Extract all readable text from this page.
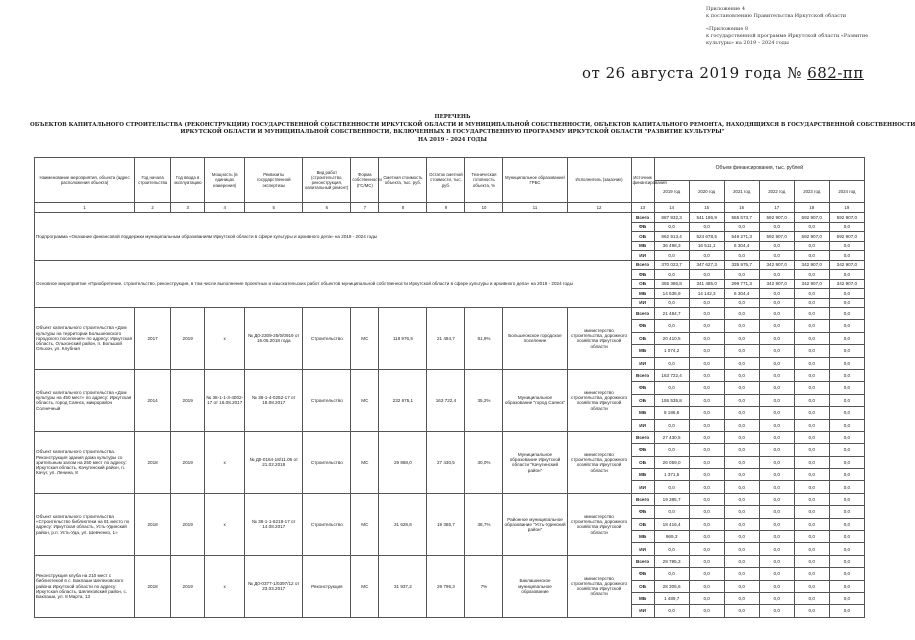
Приложение 4
к постановлению Правительства Иркутской области
«Приложение 8
к государственной программе Иркутской области «Развитие
культуры» на 2019 – 2024 годы
от 26 августа 2019 года № 682-пп
ПЕРЕЧЕНЬ
ОБЪЕКТОВ КАПИТАЛЬНОГО СТРОИТЕЛЬСТВА (РЕКОНСТРУКЦИИ) ГОСУДАРСТВЕННОЙ СОБСТВЕННОСТИ ИРКУТСКОЙ ОБЛАСТИ И МУНИЦИПАЛЬНОЙ СОБСТВЕННОСТИ, ОБЪЕКТОВ КАПИТАЛЬНОГО РЕМОНТА, НАХОДЯЩИХСЯ В ГОСУДАРСТВЕННОЙ СОБСТВЕННОСТИ
ИРКУТСКОЙ ОБЛАСТИ И МУНИЦИПАЛЬНОЙ СОБСТВЕННОСТИ, ВКЛЮЧЕННЫХ В ГОСУДАРСТВЕННУЮ ПРОГРАММУ ИРКУТСКОЙ ОБЛАСТИ "РАЗВИТИЕ КУЛЬТУРЫ"
НА 2019 - 2024 ГОДЫ
Наименование мероприятия, объекта (адрес расположения объекта)	Год начала строительства	Год ввода в эксплуатацию	Мощность (в единицах измерения)	Реквизиты государственной экспертизы	Вид работ (строительство, реконструкция, капитальный ремонт)	Форма собственности (ГС/МС)	Сметная стоимость объекта, тыс. руб.	Остаток сметной стоимости, тыс. руб.	Техническая готовность объекта, %	Муниципальное образование/ГРБС	Исполнитель (заказчик)	Источник финансирования	Объем финансирования, тыс. рублей					
													2019 год	2020 год	2021 год	2022 год	2023 год	2024 год
1	2	3	4	5	6	7	8	9	10	11	12	13	14	15	16	17	18	19
Подпрограмма «Оказание финансовой поддержки муниципальным образованиям Иркутской области в сфере культуры и архивного дела» на 2019 - 2024 годы												Всего	887 932,3	541 186,9	555 573,7	592 907,0	592 907,0	592 907,0
												ФБ	0,0	0,0	0,0	0,0	0,0	0,0
												ОБ	862 913,4	524 678,5	549 271,3	592 907,0	592 907,0	592 907,0
												МБ	36 498,3	16 511,1	6 304,4	0,0	0,0	0,0
												ИИ	0,0	0,0	0,0	0,0	0,0	0,0
Основное мероприятие «Приобретение, строительство, реконструкция, в том числе выполнение проектных и изыскательских работ объектов муниципальной собственности Иркутской области в сфере культуры и архивного дела» на 2019 - 2024 годы												Всего	370 023,7	347 627,3	335 975,7	342 907,0	342 907,0	342 907,0
												ФБ	0,0	0,0	0,0	0,0	0,0	0,0
												ОБ	355 386,8	341 485,0	299 771,3	342 907,0	342 907,0	342 907,0
												МБ	14 636,9	14 142,3	6 304,4	0,0	0,0	0,0
												ИИ	0,0	0,0	0,0	0,0	0,0	0,0
Объект капитального строительства «Дом культуры на территории Большеокского городского поселения» по адресу: Иркутская область, Ольхонский район, п. Большой Ольхон, ул. Клубная	2017	2019	х	№ Д0-2309-25/0/0919 от 16.05.2018 года	Строительство	МС	118 976,5	21 484,7	81,9%	Большеокское городское поселение	министерство строительства, дорожного хозяйства Иркутской области	Всего	21 484,7	0,0	0,0	0,0	0,0	0,0
												ФБ	0,0	0,0	0,0	0,0	0,0	0,0
												ОБ	20 410,5	0,0	0,0	0,0	0,0	0,0
												МБ	1 074,2	0,0	0,0	0,0	0,0	0,0
												ИИ	0,0	0,0	0,0	0,0	0,0	0,0
Объект капитального строительства «Дом культуры на 450 мест» по адресу: Иркутская область, город Саянск, микрорайон Солнечный	2014	2019	№ 38-1-1-3-4002-17 от 18.08.2017	№ 38-1-4-0252-17 от 18.08.2017	Строительство	МС	232 675,1	163 722,4	35,2%	Муниципальное образование "город Саянск"	министерство строительства, дорожного хозяйства Иркутской области	Всего	163 722,4	0,0	0,0	0,0	0,0	0,0
												ФБ	0,0	0,0	0,0	0,0	0,0	0,0
												ОБ	155 535,8	0,0	0,0	0,0	0,0	0,0
												МБ	8 186,6	0,0	0,0	0,0	0,0	0,0
												ИИ	0,0	0,0	0,0	0,0	0,0	0,0
Объект капитального строительства. Реконструкция здания дома культуры со зрительным залом на 250 мест по адресу: Иркутская область, Качугинский район, п. Качуг, ул. Ленина, 8	2018	2019	х	№ Д0-0164-18/11.06 от 21.02.2018	Строительство	МС	29 868,0	27 430,5	30,0%	Муниципальное образование Иркутской области "Качугинский район"	министерство строительства, дорожного хозяйства Иркутской области	Всего	27 430,5	0,0	0,0	0,0	0,0	0,0
												ФБ	0,0	0,0	0,0	0,0	0,0	0,0
												ОБ	26 059,0	0,0	0,0	0,0	0,0	0,0
												МБ	1 371,5	0,0	0,0	0,0	0,0	0,0
												ИИ	0,0	0,0	0,0	0,0	0,0	0,0
Объект капитального строительства «Строительство библиотеки на 81 место по адресу: Иркутская область, Усть-Удинский район, р.п. Усть-Уда, ул. Шевченко, 1»	2018	2019	х	№ 38-1-1-6218-17 от 14.08.2017	Строительство	МС	31 628,6	19 385,7	38,7%	Районное муниципальное образование "Усть-Удинский район"	министерство строительства, дорожного хозяйства Иркутской области	Всего	19 385,7	0,0	0,0	0,0	0,0	0,0
												ФБ	0,0	0,0	0,0	0,0	0,0	0,0
												ОБ	18 416,4	0,0	0,0	0,0	0,0	0,0
												МБ	969,3	0,0	0,0	0,0	0,0	0,0
												ИИ	0,0	0,0	0,0	0,0	0,0	0,0
Реконструкция клуба на 210 мест с библиотекой в с. Баклаши Шелеховского района Иркутской области по адресу: Иркутская область, Шелеховский район, с. Баклаши, ул. 8 Марта, 13	2018	2019	х	№ Д0-0377-1/0397/12 от 23.03.2017	Реконструкция	МС	31 937,2	29 795,3	7%	Баклашинское муниципальное образование	министерство строительства, дорожного хозяйства Иркутской области	Всего	29 795,3	0,0	0,0	0,0	0,0	0,0
												ФБ	0,0	0,0	0,0	0,0	0,0	0,0
												ОБ	28 305,6	0,0	0,0	0,0	0,0	0,0
												МБ	1 489,7	0,0	0,0	0,0	0,0	0,0
												ИИ	0,0	0,0	0,0	0,0	0,0	0,0
